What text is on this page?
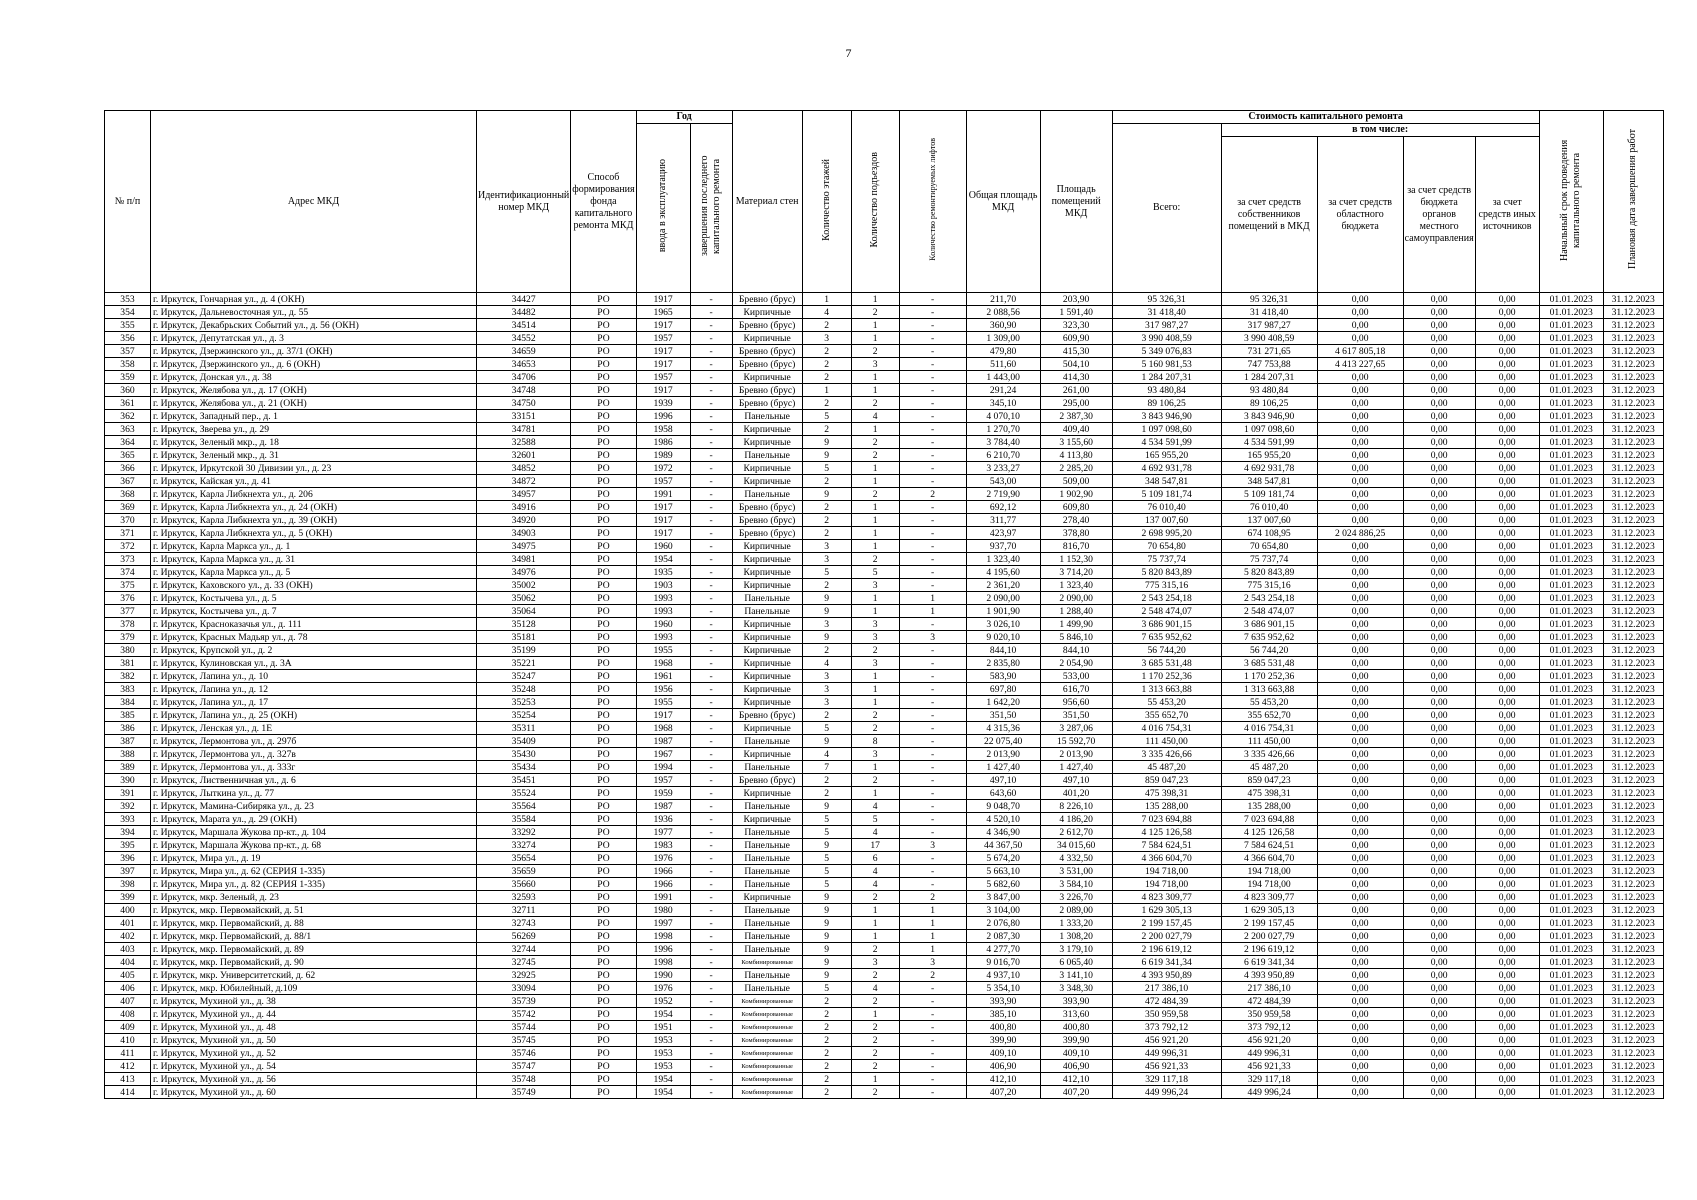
7
№ п/п	Адрес МКД	Идентификационный номер МКД	Способ формирования фонда капитального ремонта МКД	Год		Материал стен	Количество этажей	Количество подъездов	Количество ремонтируемых лифтов	Общая площадь МКД	Площадь помещений МКД	Стоимость капитального ремонта					Начальный срок проведения капитального ремонта	Плановая дата завершения работ
				ввода в эксплуатацию	завершения последнего капитального ремонта							Всего:	в том числе:					
													за счет средств собственников помещений в МКД	за счет средств областного бюджета	за счет средств бюджета органов местного самоуправления	за счет средств иных источников		
353	г. Иркутск, Гончарная ул., д. 4 (ОКН)	34427	РО	1917	-	Бревно (брус)	1	1	-	211,70	203,90	95 326,31	95 326,31	0,00	0,00	0,00	01.01.2023	31.12.2023
354	г. Иркутск, Дальневосточная ул., д. 55	34482	РО	1965	-	Кирпичные	4	2	-	2 088,56	1 591,40	31 418,40	31 418,40	0,00	0,00	0,00	01.01.2023	31.12.2023
355	г. Иркутск, Декабрьских Событий ул., д. 56 (ОКН)	34514	РО	1917	-	Бревно (брус)	2	1	-	360,90	323,30	317 987,27	317 987,27	0,00	0,00	0,00	01.01.2023	31.12.2023
356	г. Иркутск, Депутатская ул., д. 3	34552	РО	1957	-	Кирпичные	3	1	-	1 309,00	609,90	3 990 408,59	3 990 408,59	0,00	0,00	0,00	01.01.2023	31.12.2023
357	г. Иркутск, Дзержинского ул., д. 37/1 (ОКН)	34659	РО	1917	-	Бревно (брус)	2	2	-	479,80	415,30	5 349 076,83	731 271,65	4 617 805,18	0,00	0,00	01.01.2023	31.12.2023
358	г. Иркутск, Дзержинского ул., д. 6 (ОКН)	34653	РО	1917	-	Бревно (брус)	2	3	-	511,60	504,10	5 160 981,53	747 753,88	4 413 227,65	0,00	0,00	01.01.2023	31.12.2023
359	г. Иркутск, Донская ул., д. 38	34706	РО	1957	-	Кирпичные	2	1	-	1 443,00	414,30	1 284 207,31	1 284 207,31	0,00	0,00	0,00	01.01.2023	31.12.2023
360	г. Иркутск, Желябова ул., д. 17 (ОКН)	34748	РО	1917	-	Бревно (брус)	1	1	-	291,24	261,00	93 480,84	93 480,84	0,00	0,00	0,00	01.01.2023	31.12.2023
361	г. Иркутск, Желябова ул., д. 21 (ОКН)	34750	РО	1939	-	Бревно (брус)	2	2	-	345,10	295,00	89 106,25	89 106,25	0,00	0,00	0,00	01.01.2023	31.12.2023
362	г. Иркутск, Западный пер., д. 1	33151	РО	1996	-	Панельные	5	4	-	4 070,10	2 387,30	3 843 946,90	3 843 946,90	0,00	0,00	0,00	01.01.2023	31.12.2023
363	г. Иркутск, Зверева ул., д. 29	34781	РО	1958	-	Кирпичные	2	1	-	1 270,70	409,40	1 097 098,60	1 097 098,60	0,00	0,00	0,00	01.01.2023	31.12.2023
364	г. Иркутск, Зеленый мкр., д. 18	32588	РО	1986	-	Кирпичные	9	2	-	3 784,40	3 155,60	4 534 591,99	4 534 591,99	0,00	0,00	0,00	01.01.2023	31.12.2023
365	г. Иркутск, Зеленый мкр., д. 31	32601	РО	1989	-	Панельные	9	2	-	6 210,70	4 113,80	165 955,20	165 955,20	0,00	0,00	0,00	01.01.2023	31.12.2023
366	г. Иркутск, Иркутской 30 Дивизии ул., д. 23	34852	РО	1972	-	Кирпичные	5	1	-	3 233,27	2 285,20	4 692 931,78	4 692 931,78	0,00	0,00	0,00	01.01.2023	31.12.2023
367	г. Иркутск, Кайская ул., д. 41	34872	РО	1957	-	Кирпичные	2	1	-	543,00	509,00	348 547,81	348 547,81	0,00	0,00	0,00	01.01.2023	31.12.2023
368	г. Иркутск, Карла Либкнехта ул., д. 206	34957	РО	1991	-	Панельные	9	2	2	2 719,90	1 902,90	5 109 181,74	5 109 181,74	0,00	0,00	0,00	01.01.2023	31.12.2023
369	г. Иркутск, Карла Либкнехта ул., д. 24 (ОКН)	34916	РО	1917	-	Бревно (брус)	2	1	-	692,12	609,80	76 010,40	76 010,40	0,00	0,00	0,00	01.01.2023	31.12.2023
370	г. Иркутск, Карла Либкнехта ул., д. 39 (ОКН)	34920	РО	1917	-	Бревно (брус)	2	1	-	311,77	278,40	137 007,60	137 007,60	0,00	0,00	0,00	01.01.2023	31.12.2023
371	г. Иркутск, Карла Либкнехта ул., д. 5 (ОКН)	34903	РО	1917	-	Бревно (брус)	2	1	-	423,97	378,80	2 698 995,20	674 108,95	2 024 886,25	0,00	0,00	01.01.2023	31.12.2023
372	г. Иркутск, Карла Маркса ул., д. 1	34975	РО	1960	-	Кирпичные	3	1	-	937,70	816,70	70 654,80	70 654,80	0,00	0,00	0,00	01.01.2023	31.12.2023
373	г. Иркутск, Карла Маркса ул., д. 31	34981	РО	1954	-	Кирпичные	3	2	-	1 323,40	1 152,30	75 737,74	75 737,74	0,00	0,00	0,00	01.01.2023	31.12.2023
374	г. Иркутск, Карла Маркса ул., д. 5	34976	РО	1935	-	Кирпичные	5	5	-	4 195,60	3 714,20	5 820 843,89	5 820 843,89	0,00	0,00	0,00	01.01.2023	31.12.2023
375	г. Иркутск, Каховского ул., д. 33 (ОКН)	35002	РО	1903	-	Кирпичные	2	3	-	2 361,20	1 323,40	775 315,16	775 315,16	0,00	0,00	0,00	01.01.2023	31.12.2023
376	г. Иркутск, Костычева ул., д. 5	35062	РО	1993	-	Панельные	9	1	1	2 090,00	2 090,00	2 543 254,18	2 543 254,18	0,00	0,00	0,00	01.01.2023	31.12.2023
377	г. Иркутск, Костычева ул., д. 7	35064	РО	1993	-	Панельные	9	1	1	1 901,90	1 288,40	2 548 474,07	2 548 474,07	0,00	0,00	0,00	01.01.2023	31.12.2023
378	г. Иркутск, Красноказачья ул., д. 111	35128	РО	1960	-	Кирпичные	3	3	-	3 026,10	1 499,90	3 686 901,15	3 686 901,15	0,00	0,00	0,00	01.01.2023	31.12.2023
379	г. Иркутск, Красных Мадьяр ул., д. 78	35181	РО	1993	-	Кирпичные	9	3	3	9 020,10	5 846,10	7 635 952,62	7 635 952,62	0,00	0,00	0,00	01.01.2023	31.12.2023
380	г. Иркутск, Крупской ул., д. 2	35199	РО	1955	-	Кирпичные	2	2	-	844,10	844,10	56 744,20	56 744,20	0,00	0,00	0,00	01.01.2023	31.12.2023
381	г. Иркутск, Кулиновская ул., д. 3А	35221	РО	1968	-	Кирпичные	4	3	-	2 835,80	2 054,90	3 685 531,48	3 685 531,48	0,00	0,00	0,00	01.01.2023	31.12.2023
382	г. Иркутск, Лапина ул., д. 10	35247	РО	1961	-	Кирпичные	3	1	-	583,90	533,00	1 170 252,36	1 170 252,36	0,00	0,00	0,00	01.01.2023	31.12.2023
383	г. Иркутск, Лапина ул., д. 12	35248	РО	1956	-	Кирпичные	3	1	-	697,80	616,70	1 313 663,88	1 313 663,88	0,00	0,00	0,00	01.01.2023	31.12.2023
384	г. Иркутск, Лапина ул., д. 17	35253	РО	1955	-	Кирпичные	3	1	-	1 642,20	956,60	55 453,20	55 453,20	0,00	0,00	0,00	01.01.2023	31.12.2023
385	г. Иркутск, Лапина ул., д. 25 (ОКН)	35254	РО	1917	-	Бревно (брус)	2	2	-	351,50	351,50	355 652,70	355 652,70	0,00	0,00	0,00	01.01.2023	31.12.2023
386	г. Иркутск, Ленская ул., д. 1Е	35311	РО	1968	-	Кирпичные	5	2	-	4 315,36	3 287,06	4 016 754,31	4 016 754,31	0,00	0,00	0,00	01.01.2023	31.12.2023
387	г. Иркутск, Лермонтова ул., д. 297б	35409	РО	1987	-	Панельные	9	8	-	22 075,40	15 592,70	111 450,00	111 450,00	0,00	0,00	0,00	01.01.2023	31.12.2023
388	г. Иркутск, Лермонтова ул., д. 327в	35430	РО	1967	-	Кирпичные	4	3	-	2 013,90	2 013,90	3 335 426,66	3 335 426,66	0,00	0,00	0,00	01.01.2023	31.12.2023
389	г. Иркутск, Лермонтова ул., д. 333г	35434	РО	1994	-	Панельные	7	1	-	1 427,40	1 427,40	45 487,20	45 487,20	0,00	0,00	0,00	01.01.2023	31.12.2023
390	г. Иркутск, Лиственничная ул., д. 6	35451	РО	1957	-	Бревно (брус)	2	2	-	497,10	497,10	859 047,23	859 047,23	0,00	0,00	0,00	01.01.2023	31.12.2023
391	г. Иркутск, Лыткина ул., д. 77	35524	РО	1959	-	Кирпичные	2	1	-	643,60	401,20	475 398,31	475 398,31	0,00	0,00	0,00	01.01.2023	31.12.2023
392	г. Иркутск, Мамина-Сибиряка ул., д. 23	35564	РО	1987	-	Панельные	9	4	-	9 048,70	8 226,10	135 288,00	135 288,00	0,00	0,00	0,00	01.01.2023	31.12.2023
393	г. Иркутск, Марата ул., д. 29 (ОКН)	35584	РО	1936	-	Кирпичные	5	5	-	4 520,10	4 186,20	7 023 694,88	7 023 694,88	0,00	0,00	0,00	01.01.2023	31.12.2023
394	г. Иркутск, Маршала Жукова пр-кт., д. 104	33292	РО	1977	-	Панельные	5	4	-	4 346,90	2 612,70	4 125 126,58	4 125 126,58	0,00	0,00	0,00	01.01.2023	31.12.2023
395	г. Иркутск, Маршала Жукова пр-кт., д. 68	33274	РО	1983	-	Панельные	9	17	3	44 367,50	34 015,60	7 584 624,51	7 584 624,51	0,00	0,00	0,00	01.01.2023	31.12.2023
396	г. Иркутск, Мира ул., д. 19	35654	РО	1976	-	Панельные	5	6	-	5 674,20	4 332,50	4 366 604,70	4 366 604,70	0,00	0,00	0,00	01.01.2023	31.12.2023
397	г. Иркутск, Мира ул., д. 62 (СЕРИЯ 1-335)	35659	РО	1966	-	Панельные	5	4	-	5 663,10	3 531,00	194 718,00	194 718,00	0,00	0,00	0,00	01.01.2023	31.12.2023
398	г. Иркутск, Мира ул., д. 82 (СЕРИЯ 1-335)	35660	РО	1966	-	Панельные	5	4	-	5 682,60	3 584,10	194 718,00	194 718,00	0,00	0,00	0,00	01.01.2023	31.12.2023
399	г. Иркутск, мкр. Зеленый, д. 23	32593	РО	1991	-	Кирпичные	9	2	2	3 847,00	3 226,70	4 823 309,77	4 823 309,77	0,00	0,00	0,00	01.01.2023	31.12.2023
400	г. Иркутск, мкр. Первомайский, д. 51	32711	РО	1980	-	Панельные	9	1	1	3 104,00	2 089,00	1 629 305,13	1 629 305,13	0,00	0,00	0,00	01.01.2023	31.12.2023
401	г. Иркутск, мкр. Первомайский, д. 88	32743	РО	1997	-	Панельные	9	1	1	2 076,80	1 333,20	2 199 157,45	2 199 157,45	0,00	0,00	0,00	01.01.2023	31.12.2023
402	г. Иркутск, мкр. Первомайский, д. 88/1	56269	РО	1998	-	Панельные	9	1	1	2 087,30	1 308,20	2 200 027,79	2 200 027,79	0,00	0,00	0,00	01.01.2023	31.12.2023
403	г. Иркутск, мкр. Первомайский, д. 89	32744	РО	1996	-	Панельные	9	2	1	4 277,70	3 179,10	2 196 619,12	2 196 619,12	0,00	0,00	0,00	01.01.2023	31.12.2023
404	г. Иркутск, мкр. Первомайский, д. 90	32745	РО	1998	-	Комбинированные	9	3	3	9 016,70	6 065,40	6 619 341,34	6 619 341,34	0,00	0,00	0,00	01.01.2023	31.12.2023
405	г. Иркутск, мкр. Университетский, д. 62	32925	РО	1990	-	Панельные	9	2	2	4 937,10	3 141,10	4 393 950,89	4 393 950,89	0,00	0,00	0,00	01.01.2023	31.12.2023
406	г. Иркутск, мкр. Юбилейный, д.109	33094	РО	1976	-	Панельные	5	4	-	5 354,10	3 348,30	217 386,10	217 386,10	0,00	0,00	0,00	01.01.2023	31.12.2023
407	г. Иркутск, Мухиной ул., д. 38	35739	РО	1952	-	Комбинированные	2	2	-	393,90	393,90	472 484,39	472 484,39	0,00	0,00	0,00	01.01.2023	31.12.2023
408	г. Иркутск, Мухиной ул., д. 44	35742	РО	1954	-	Комбинированные	2	1	-	385,10	313,60	350 959,58	350 959,58	0,00	0,00	0,00	01.01.2023	31.12.2023
409	г. Иркутск, Мухиной ул., д. 48	35744	РО	1951	-	Комбинированные	2	2	-	400,80	400,80	373 792,12	373 792,12	0,00	0,00	0,00	01.01.2023	31.12.2023
410	г. Иркутск, Мухиной ул., д. 50	35745	РО	1953	-	Комбинированные	2	2	-	399,90	399,90	456 921,20	456 921,20	0,00	0,00	0,00	01.01.2023	31.12.2023
411	г. Иркутск, Мухиной ул., д. 52	35746	РО	1953	-	Комбинированные	2	2	-	409,10	409,10	449 996,31	449 996,31	0,00	0,00	0,00	01.01.2023	31.12.2023
412	г. Иркутск, Мухиной ул., д. 54	35747	РО	1953	-	Комбинированные	2	2	-	406,90	406,90	456 921,33	456 921,33	0,00	0,00	0,00	01.01.2023	31.12.2023
413	г. Иркутск, Мухиной ул., д. 56	35748	РО	1954	-	Комбинированные	2	1	-	412,10	412,10	329 117,18	329 117,18	0,00	0,00	0,00	01.01.2023	31.12.2023
414	г. Иркутск, Мухиной ул., д. 60	35749	РО	1954	-	Комбинированные	2	2	-	407,20	407,20	449 996,24	449 996,24	0,00	0,00	0,00	01.01.2023	31.12.2023
